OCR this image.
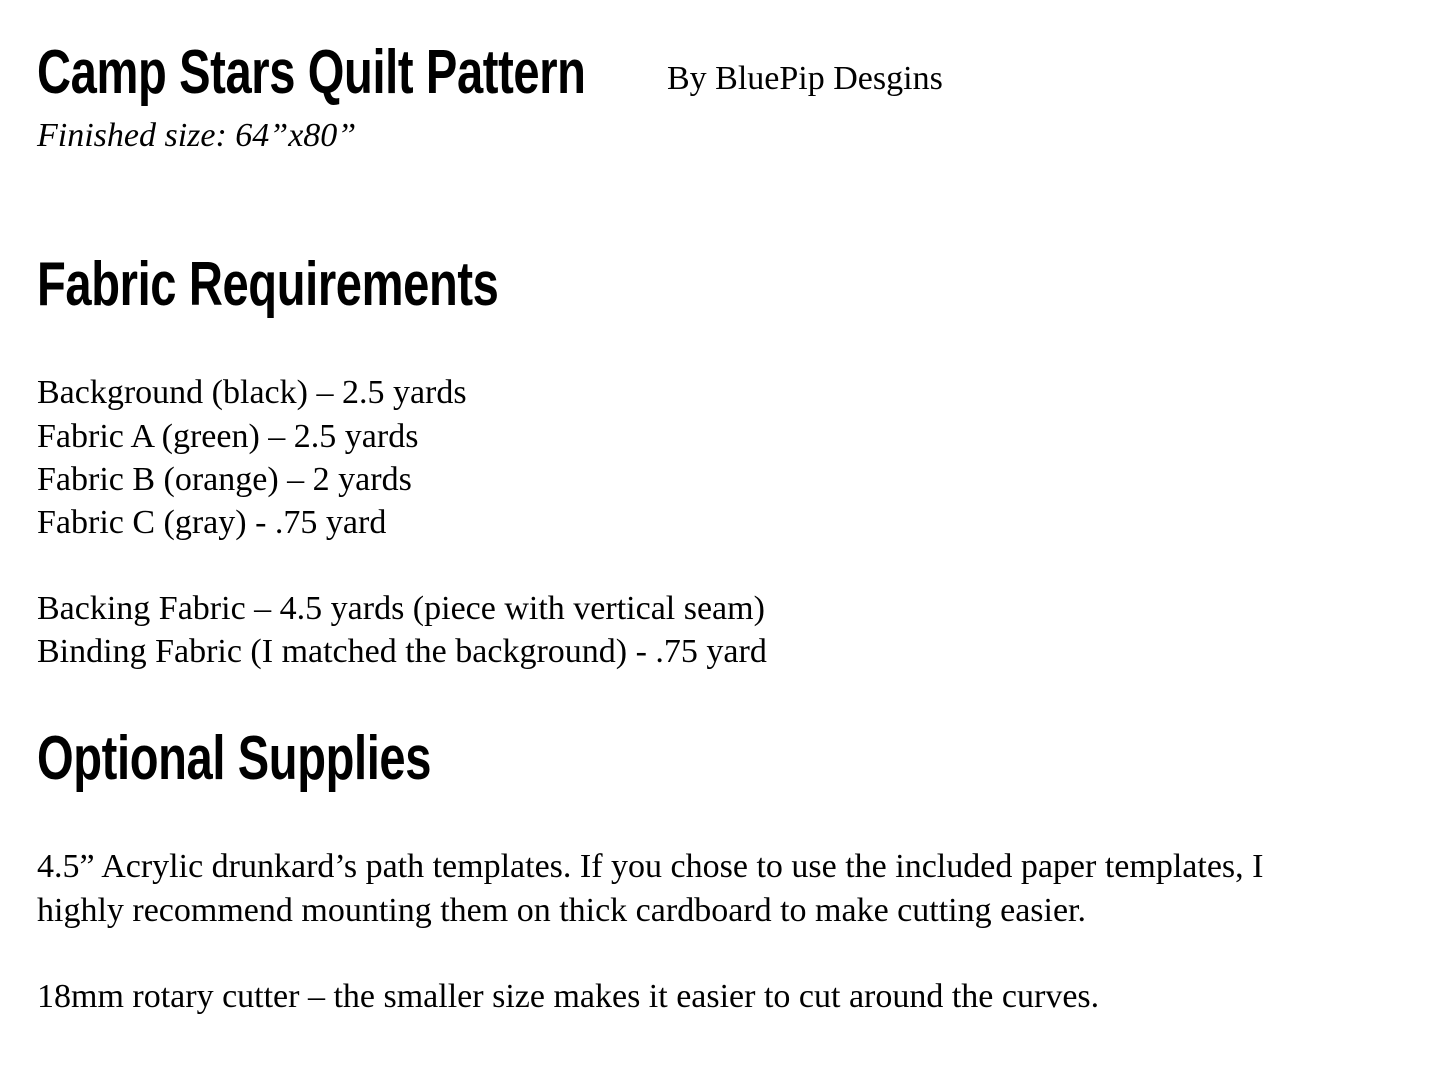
Camp Stars Quilt Pattern By BluePip Desgins
Finished size: 64”x80”
Fabric Requirements
Background (black) – 2.5 yards
Fabric A (green) – 2.5 yards
Fabric B (orange) – 2 yards
Fabric C (gray) - .75 yard
Backing Fabric – 4.5 yards (piece with vertical seam)
Binding Fabric (I matched the background) - .75 yard
Optional Supplies
4.5” Acrylic drunkard’s path templates. If you chose to use the included paper templates, I
highly recommend mounting them on thick cardboard to make cutting easier.
18mm rotary cutter – the smaller size makes it easier to cut around the curves.
